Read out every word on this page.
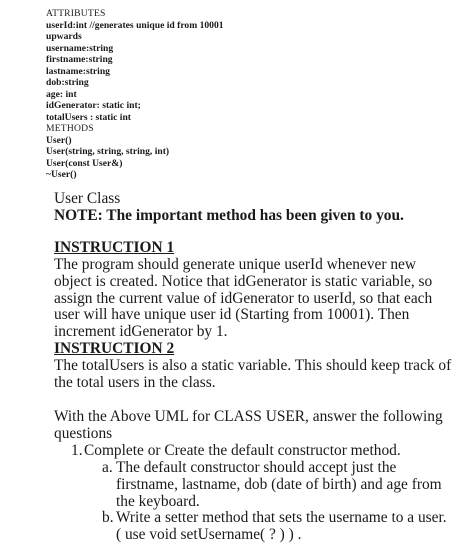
ATTRIBUTES
userId:int //generates unique id from 10001
upwards
username:string
firstname:string
lastname:string
dob:string
age: int
idGenerator: static int;
totalUsers : static int
METHODS
User()
User(string, string, string, int)
User(const User&)
~User()

User Class

NOTE: The important method has been given to you.

INSTRUCTION 1

The program should generate unique userId whenever new

object is created. Notice that idGenerator is static variable, so

assign the current value of idGenerator to userId, so that each

user will have unique user id (Starting from 10001). Then

increment idGenerator by 1.

INSTRUCTION 2

The totalUsers is also a static variable. This should keep track of

the total users in the class.

With the Above UML for CLASS USER, answer the following

questions

1. Complete or Create the default constructor method.
a. The default constructor should accept just the
firstname, lastname, dob (date of birth) and age from
the keyboard.
b. Write a setter method that sets the username to a user.
( use void setUsername( ? ) ) .
